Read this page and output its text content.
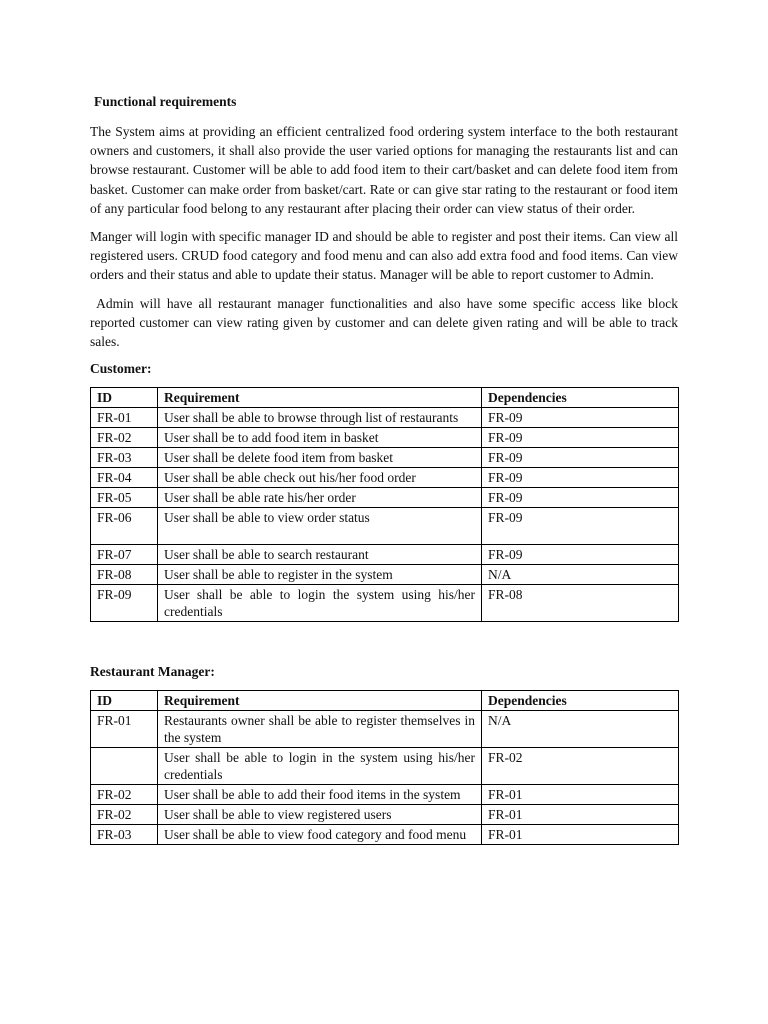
Functional requirements

The System aims at providing an efficient centralized food ordering system interface to the both restaurant owners and customers, it shall also provide the user varied options for managing the restaurants list and can browse restaurant. Customer will be able to add food item to their cart/basket and can delete food item from basket. Customer can make order from basket/cart. Rate or can give star rating to the restaurant or food item of any particular food belong to any restaurant after placing their order can view status of their order.

Manger will login with specific manager ID and should be able to register and post their items. Can view all registered users. CRUD food category and food menu and can also add extra food and food items. Can view orders and their status and able to update their status. Manager will be able to report customer to Admin.

Admin will have all restaurant manager functionalities and also have some specific access like block reported customer can view rating given by customer and can delete given rating and will be able to track sales.

Customer:
ID	Requirement	Dependencies
FR-01	User shall be able to browse through list of restaurants	FR-09
FR-02	User shall be to add food item in basket	FR-09
FR-03	User shall be delete food item from basket	FR-09
FR-04	User shall be able check out his/her food order	FR-09
FR-05	User shall be able rate his/her order	FR-09
FR-06	User shall be able to view order status	FR-09
FR-07	User shall be able to search restaurant	FR-09
FR-08	User shall be able to register in the system	N/A
FR-09	User shall be able to login the system using his/her credentials	FR-08
Restaurant Manager:
ID	Requirement	Dependencies
FR-01	Restaurants owner shall be able to register themselves in the system	N/A
	User shall be able to login in the system using his/her credentials	FR-02
FR-02	User shall be able to add their food items in the system	FR-01
FR-02	User shall be able to view registered users	FR-01
FR-03	User shall be able to view food category and food menu	FR-01
